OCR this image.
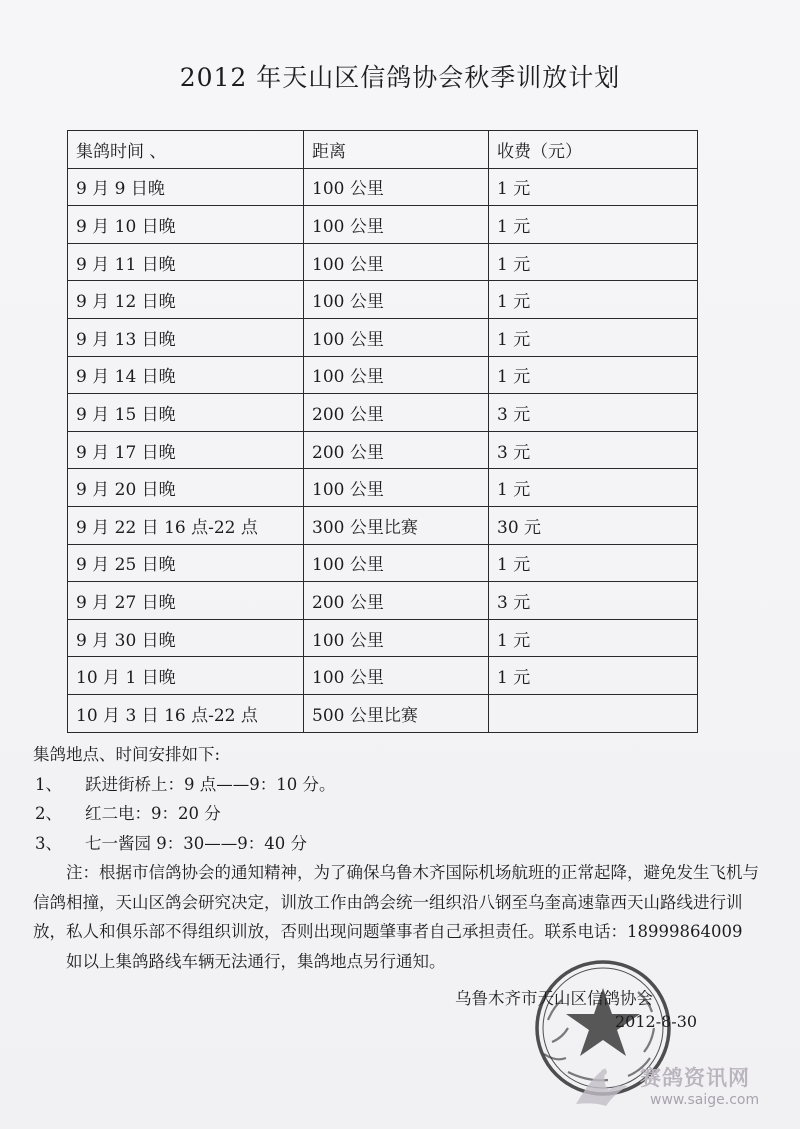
2012 年天山区信鸽协会秋季训放计划
集鸽时间 、	距离	收费（元）
9 月 9 日晚	100 公里	1 元
9 月 10 日晚	100 公里	1 元
9 月 11 日晚	100 公里	1 元
9 月 12 日晚	100 公里	1 元
9 月 13 日晚	100 公里	1 元
9 月 14 日晚	100 公里	1 元
9 月 15 日晚	200 公里	3 元
9 月 17 日晚	200 公里	3 元
9 月 20 日晚	100 公里	1 元
9 月 22 日 16 点-22 点	300 公里比赛	30 元
9 月 25 日晚	100 公里	1 元
9 月 27 日晚	200 公里	3 元
9 月 30 日晚	100 公里	1 元
10 月 1 日晚	100 公里	1 元
10 月 3 日 16 点-22 点	500 公里比赛	

集鸽地点、时间安排如下:

1、 跃进街桥上：9 点——9：10 分。

2、 红二电：9：20 分

3、 七一酱园 9：30——9：40 分

注：根据市信鸽协会的通知精神，为了确保乌鲁木齐国际机场航班的正常起降，避免发生飞机与信鸽相撞，天山区鸽会研究决定，训放工作由鸽会统一组织沿八钢至乌奎高速靠西天山路线进行训放，私人和俱乐部不得组织训放，否则出现问题肇事者自己承担责任。联系电话：18999864009

如以上集鸽路线车辆无法通行，集鸽地点另行通知。

乌鲁木齐市天山区信鸽协会
2012-8-30
赛鸽资讯网
www.saige.com
